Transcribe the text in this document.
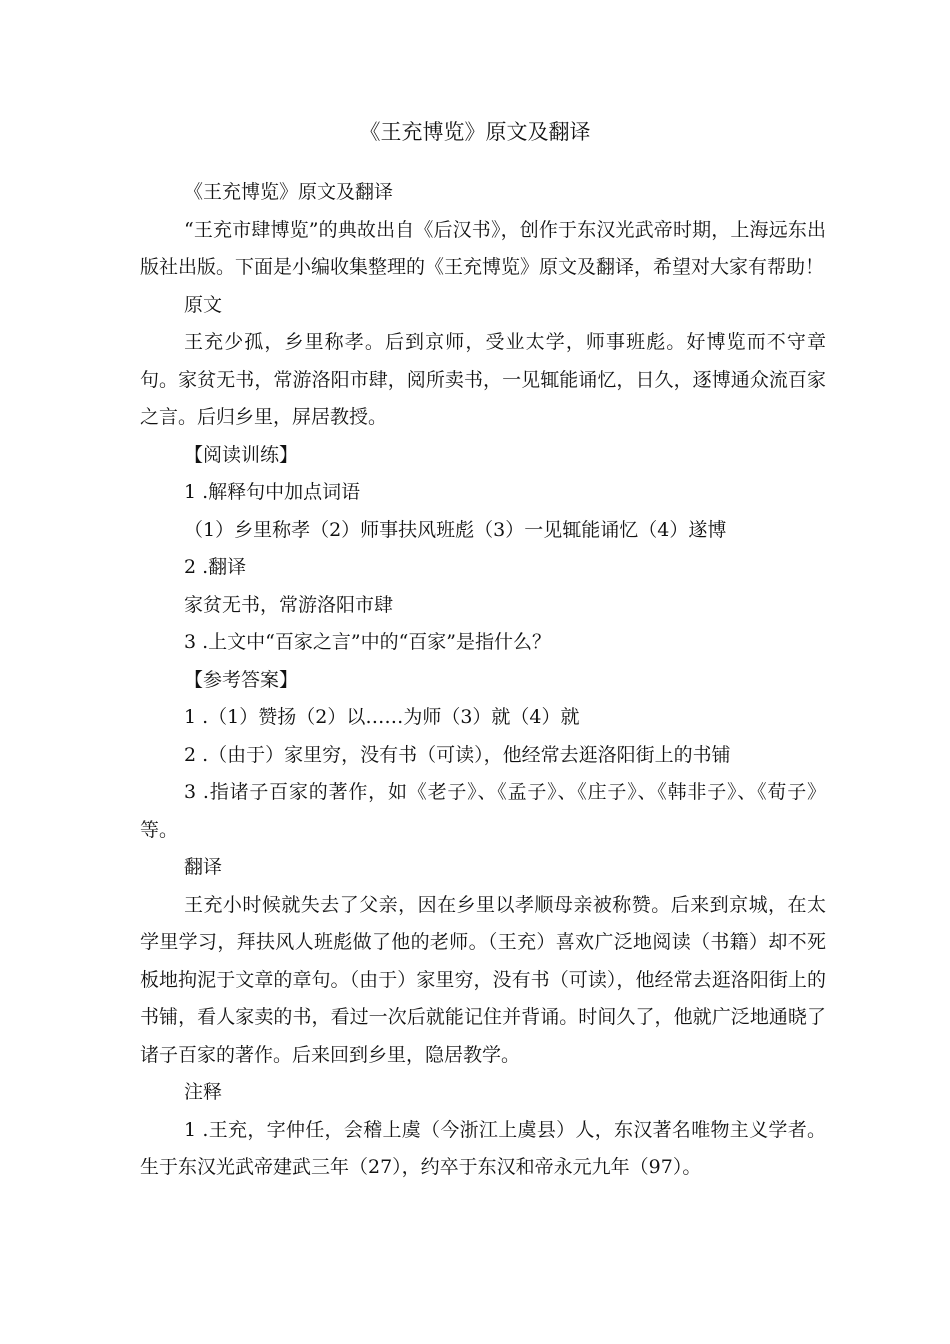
《王充博览》原文及翻译

《王充博览》原文及翻译

“王充市肆博览”的典故出自《后汉书》，创作于东汉光武帝时期，上海远东出版社出版。下面是小编收集整理的《王充博览》原文及翻译，希望对大家有帮助！

原文

王充少孤，乡里称孝。后到京师，受业太学，师事班彪。好博览而不守章句。家贫无书，常游洛阳市肆，阅所卖书，一见辄能诵忆，日久，逐博通众流百家之言。后归乡里，屏居教授。

【阅读训练】

1 .解释句中加点词语

（1）乡里称孝（2）师事扶风班彪（3）一见辄能诵忆（4）遂博

2 .翻译

家贫无书，常游洛阳市肆

3 .上文中“百家之言”中的“百家”是指什么？

【参考答案】

1 .（1）赞扬（2）以……为师（3）就（4）就

2 .（由于）家里穷，没有书（可读），他经常去逛洛阳街上的书铺

3 .指诸子百家的著作，如《老子》、《孟子》、《庄子》、《韩非子》、《荀子》等。

翻译

王充小时候就失去了父亲，因在乡里以孝顺母亲被称赞。后来到京城，在太学里学习，拜扶风人班彪做了他的老师。（王充）喜欢广泛地阅读（书籍）却不死板地拘泥于文章的章句。（由于）家里穷，没有书（可读），他经常去逛洛阳街上的书铺，看人家卖的书，看过一次后就能记住并背诵。时间久了，他就广泛地通晓了诸子百家的著作。后来回到乡里，隐居教学。

注释

1 .王充，字仲任，会稽上虞（今浙江上虞县）人，东汉著名唯物主义学者。生于东汉光武帝建武三年（27），约卒于东汉和帝永元九年（97）。
